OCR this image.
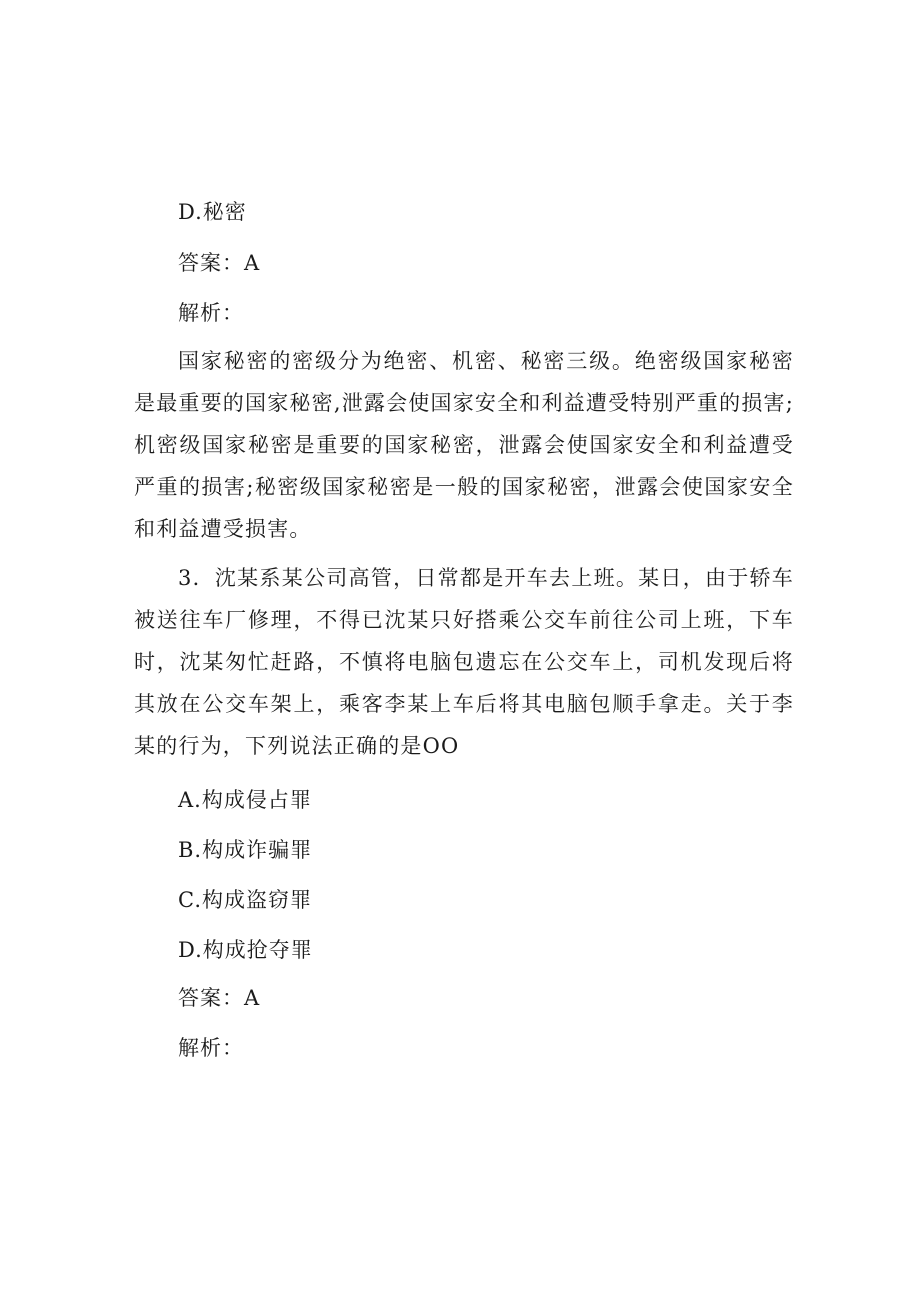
D.秘密
答案：A
解析：

国家秘密的密级分为绝密、机密、秘密三级。绝密级国家秘密是最重要的国家秘密,泄露会使国家安全和利益遭受特别严重的损害;机密级国家秘密是重要的国家秘密，泄露会使国家安全和利益遭受严重的损害;秘密级国家秘密是一般的国家秘密，泄露会使国家安全和利益遭受损害。

3．沈某系某公司高管，日常都是开车去上班。某日，由于轿车被送往车厂修理，不得已沈某只好搭乘公交车前往公司上班，下车时，沈某匆忙赶路，不慎将电脑包遗忘在公交车上，司机发现后将其放在公交车架上，乘客李某上车后将其电脑包顺手拿走。关于李某的行为，下列说法正确的是OO

A.构成侵占罪
B.构成诈骗罪
C.构成盗窃罪
D.构成抢夺罪
答案：A
解析：
